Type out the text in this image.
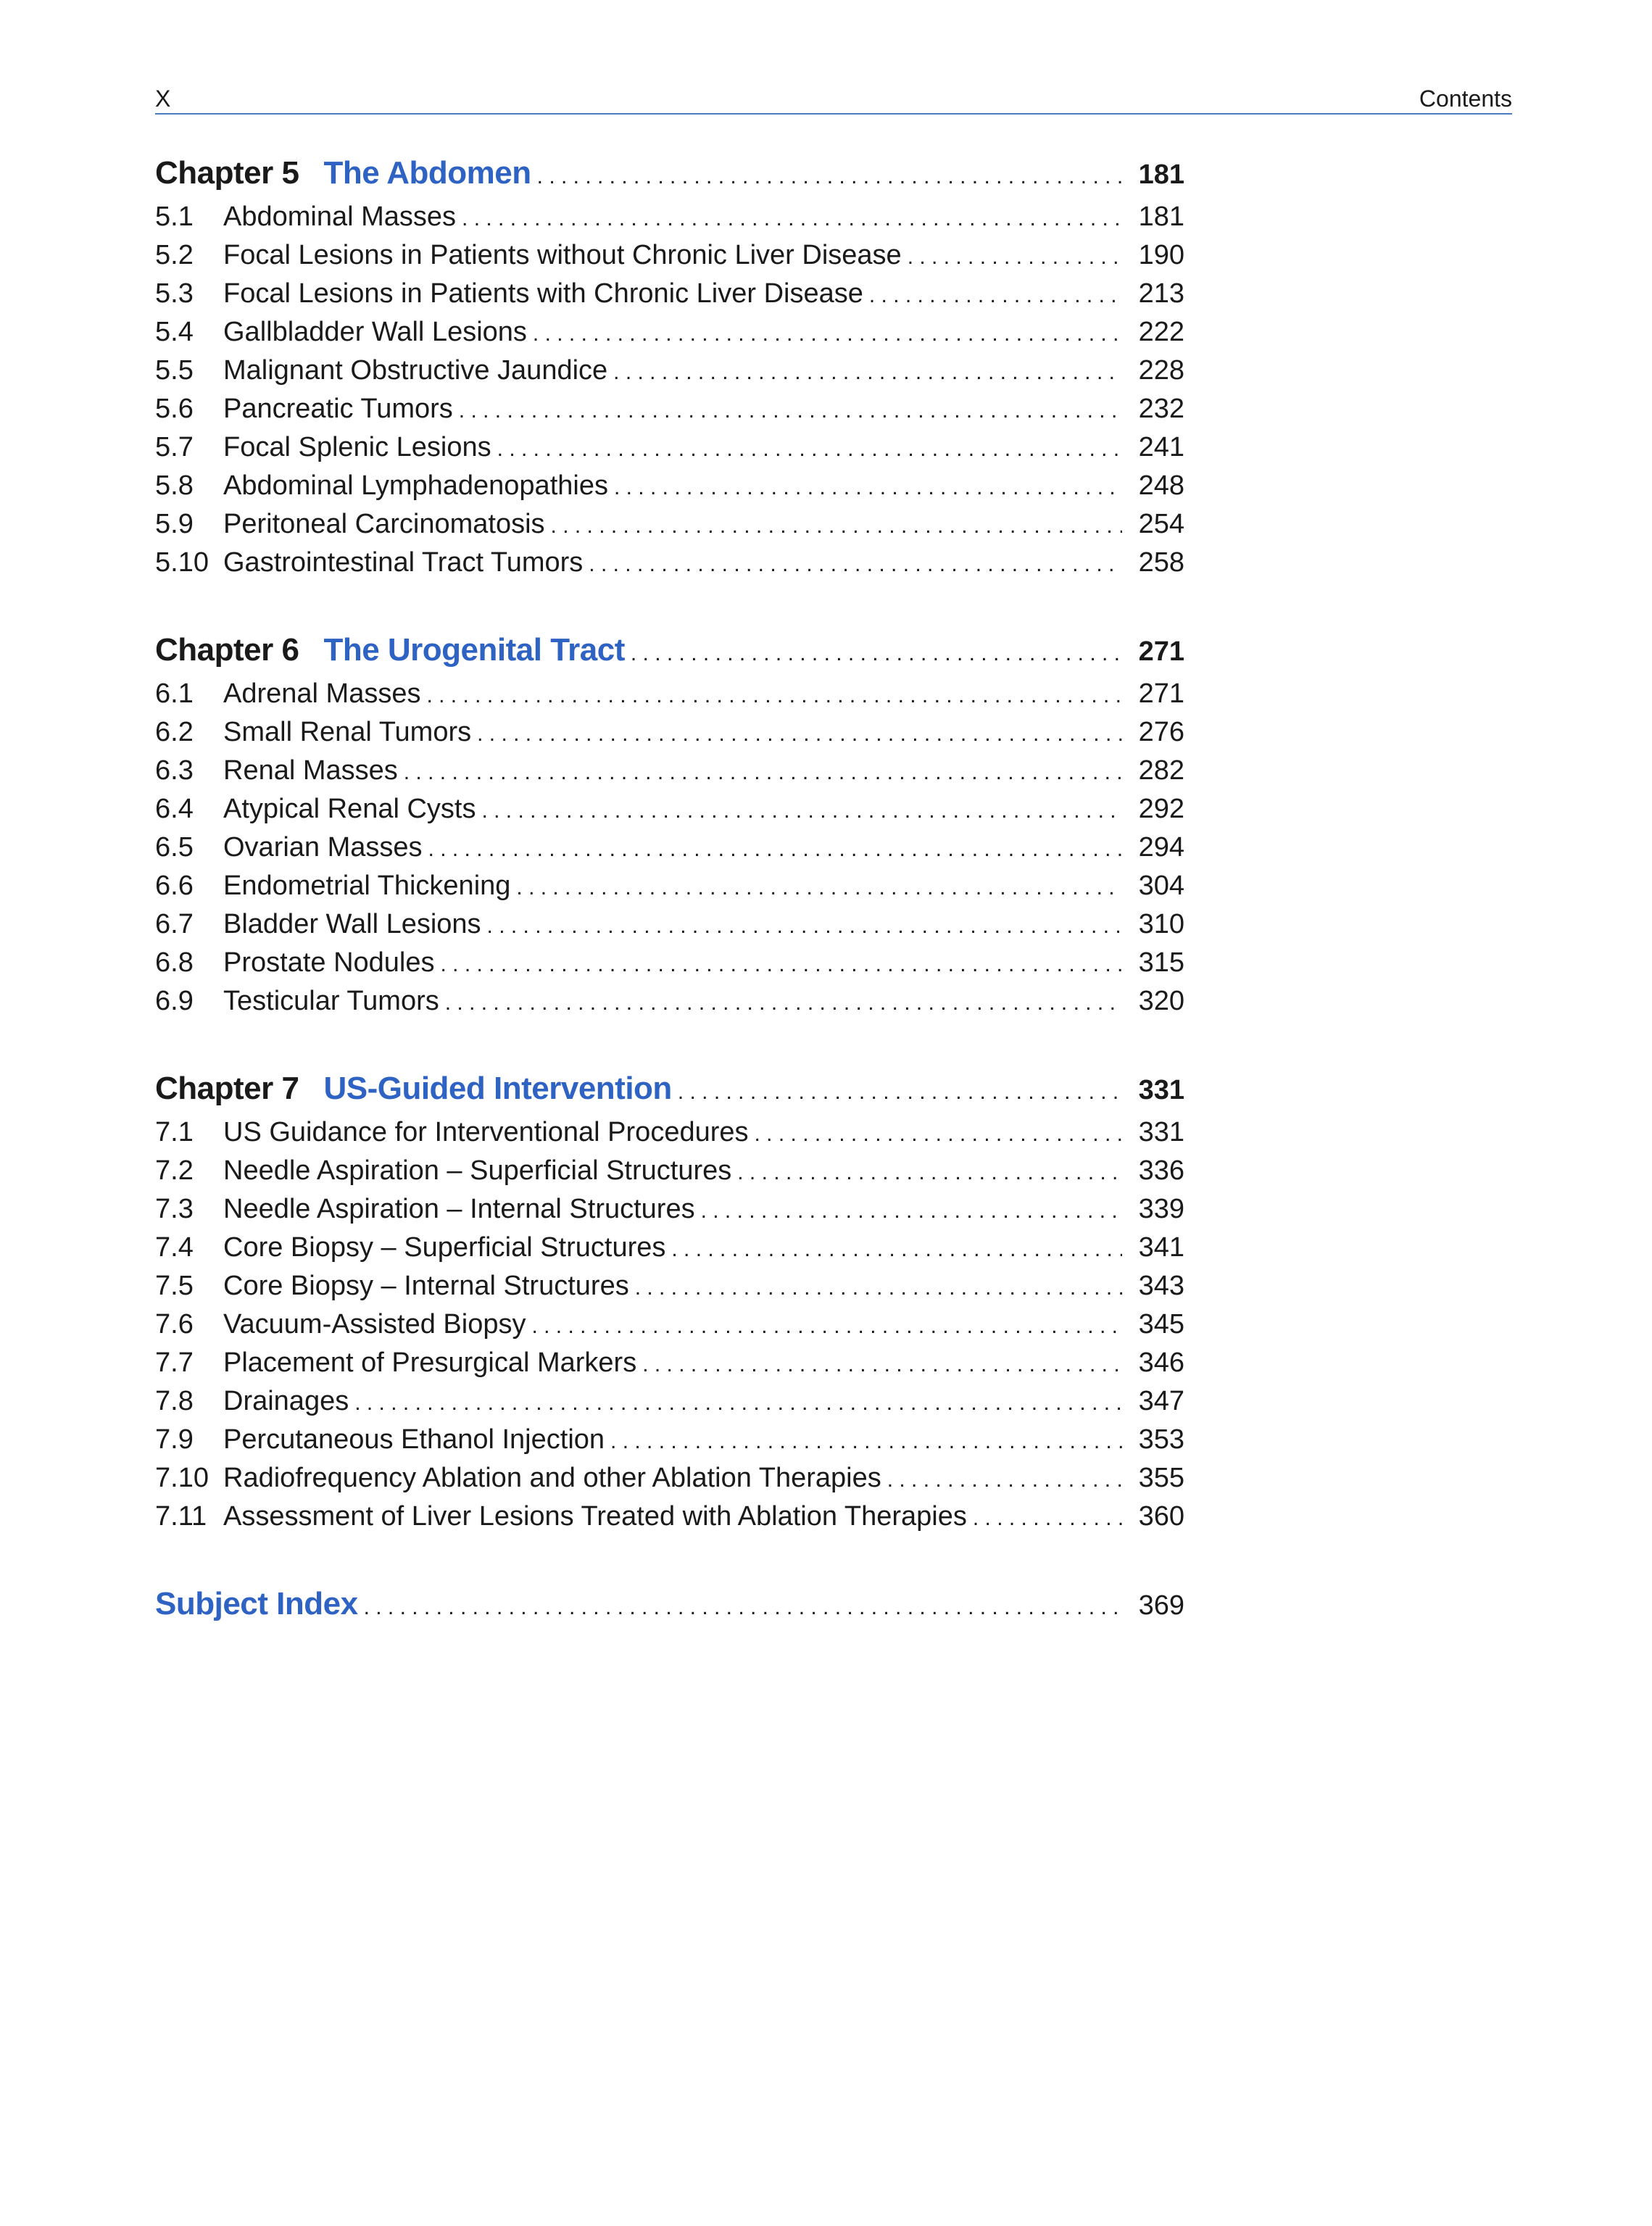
X	Contents
Chapter 5 The Abdomen . . .	181
5.1	Abdominal Masses . . .	181
5.2	Focal Lesions in Patients without Chronic Liver Disease . . .	190
5.3	Focal Lesions in Patients with Chronic Liver Disease . . .	213
5.4	Gallbladder Wall Lesions . . .	222
5.5	Malignant Obstructive Jaundice . . .	228
5.6	Pancreatic Tumors . . .	232
5.7	Focal Splenic Lesions . . .	241
5.8	Abdominal Lymphadenopathies . . .	248
5.9	Peritoneal Carcinomatosis . . .	254
5.10 Gastrointestinal Tract Tumors . . .	258
Chapter 6 The Urogenital Tract . . .	271
6.1	Adrenal Masses . . .	271
6.2	Small Renal Tumors . . .	276
6.3	Renal Masses . . .	282
6.4	Atypical Renal Cysts . . .	292
6.5	Ovarian Masses . . .	294
6.6	Endometrial Thickening . . .	304
6.7	Bladder Wall Lesions . . .	310
6.8	Prostate Nodules . . .	315
6.9	Testicular Tumors . . .	320
Chapter 7 US-Guided Intervention . . .	331
7.1	US Guidance for Interventional Procedures . . .	331
7.2	Needle Aspiration – Superficial Structures . . .	336
7.3	Needle Aspiration – Internal Structures . . .	339
7.4	Core Biopsy – Superficial Structures . . .	341
7.5	Core Biopsy – Internal Structures . . .	343
7.6	Vacuum-Assisted Biopsy . . .	345
7.7	Placement of Presurgical Markers . . .	346
7.8	Drainages . . .	347
7.9	Percutaneous Ethanol Injection . . .	353
7.10 Radiofrequency Ablation and other Ablation Therapies . . .	355
7.11 Assessment of Liver Lesions Treated with Ablation Therapies . . .	360
Subject Index . . .	369
